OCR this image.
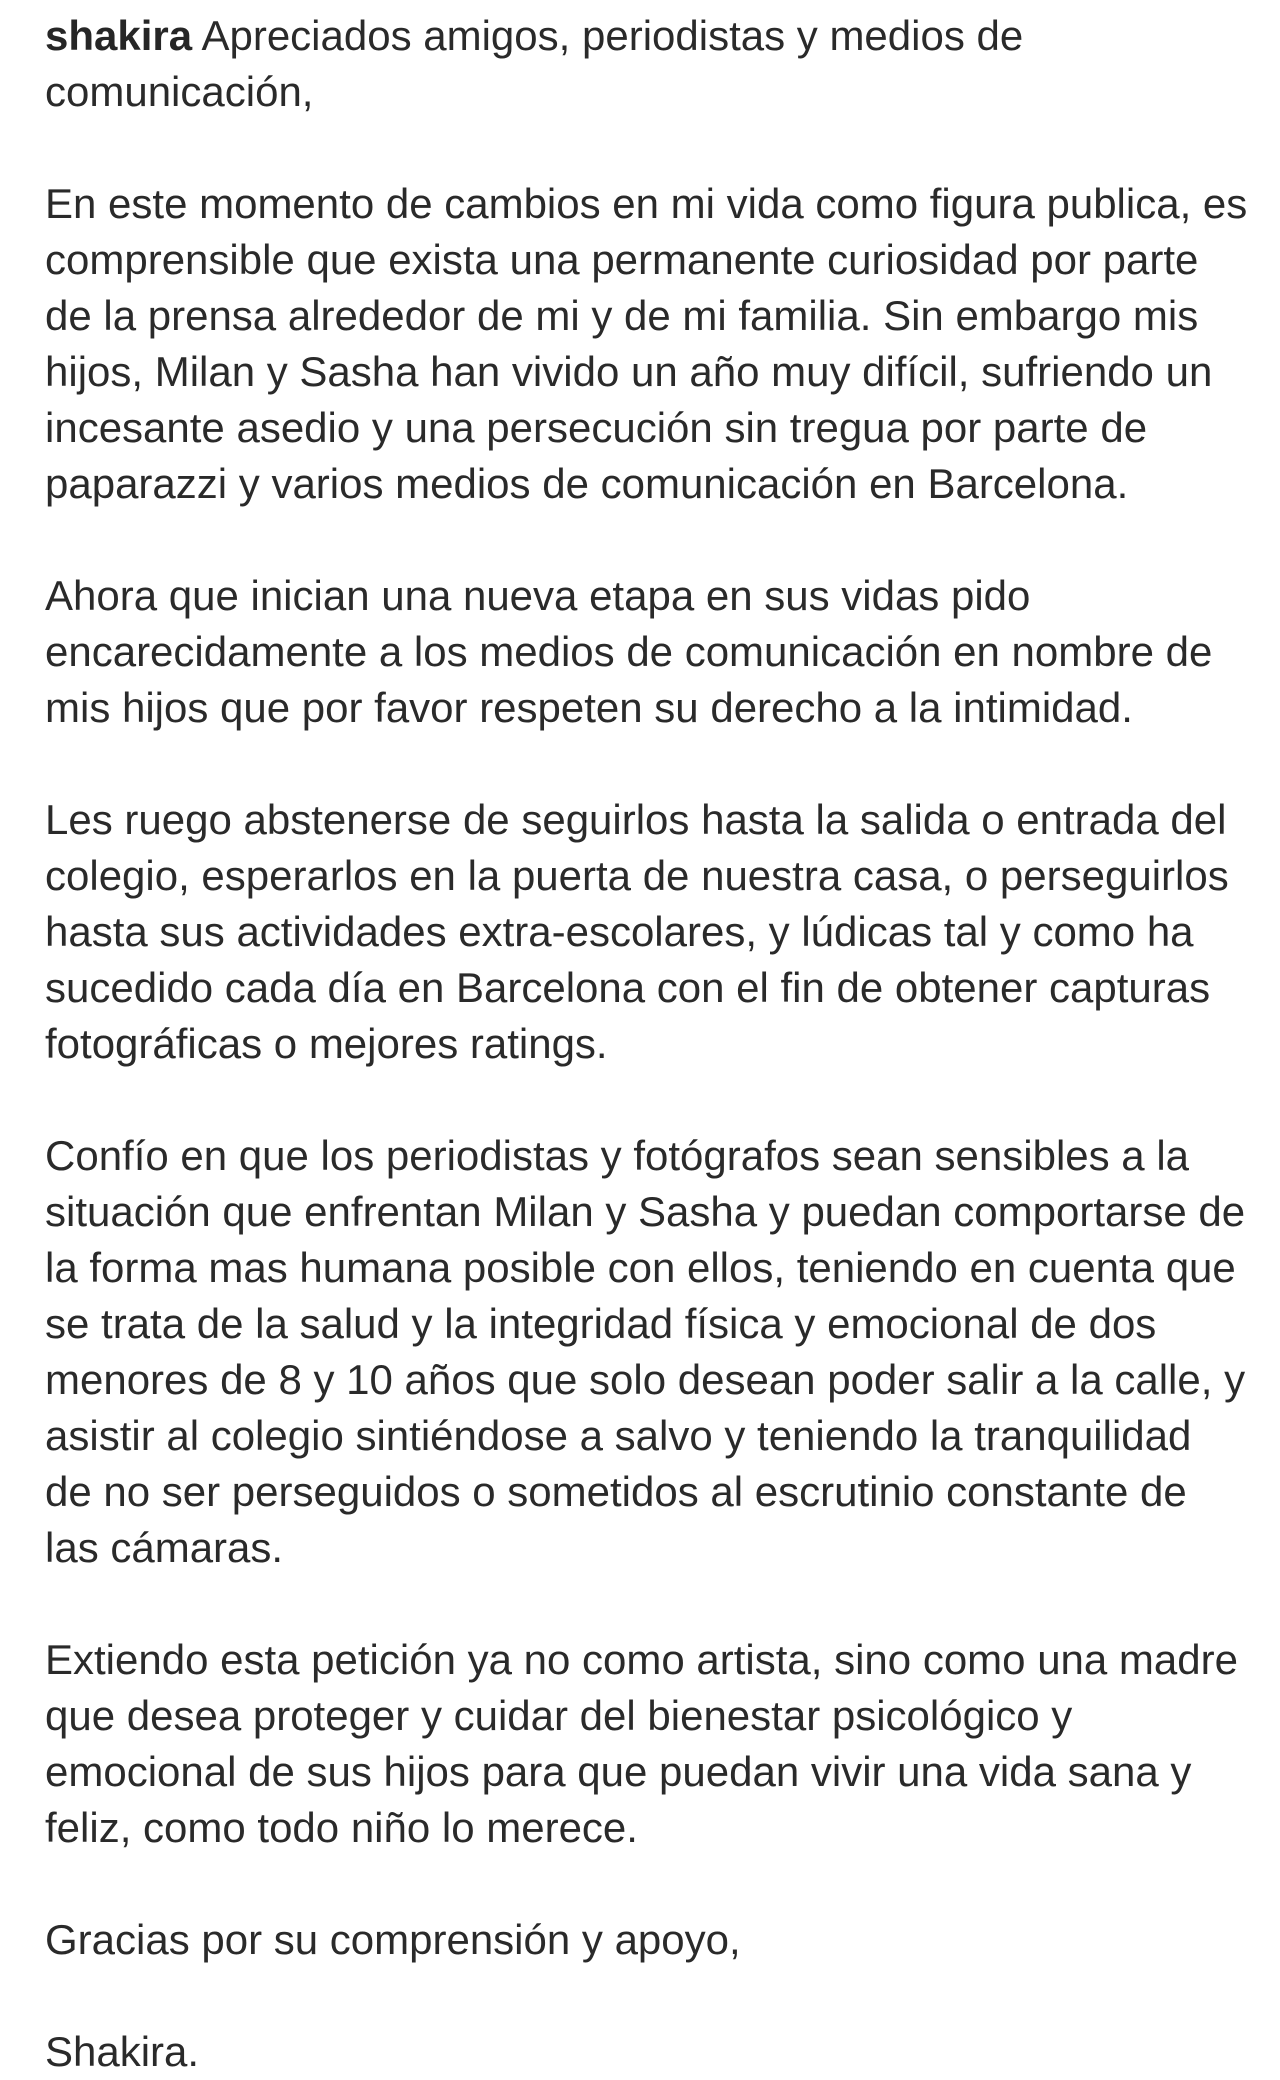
shakira Apreciados amigos, periodistas y medios de
comunicación,

En este momento de cambios en mi vida como figura publica, es
comprensible que exista una permanente curiosidad por parte
de la prensa alrededor de mi y de mi familia. Sin embargo mis
hijos, Milan y Sasha han vivido un año muy difícil, sufriendo un
incesante asedio y una persecución sin tregua por parte de
paparazzi y varios medios de comunicación en Barcelona.

Ahora que inician una nueva etapa en sus vidas pido
encarecidamente a los medios de comunicación en nombre de
mis hijos que por favor respeten su derecho a la intimidad.

Les ruego abstenerse de seguirlos hasta la salida o entrada del
colegio, esperarlos en la puerta de nuestra casa, o perseguirlos
hasta sus actividades extra-escolares, y lúdicas tal y como ha
sucedido cada día en Barcelona con el fin de obtener capturas
fotográficas o mejores ratings.

Confío en que los periodistas y fotógrafos sean sensibles a la
situación que enfrentan Milan y Sasha y puedan comportarse de
la forma mas humana posible con ellos, teniendo en cuenta que
se trata de la salud y la integridad física y emocional de dos
menores de 8 y 10 años que solo desean poder salir a la calle, y
asistir al colegio sintiéndose a salvo y teniendo la tranquilidad
de no ser perseguidos o sometidos al escrutinio constante de
las cámaras.

Extiendo esta petición ya no como artista, sino como una madre
que desea proteger y cuidar del bienestar psicológico y
emocional de sus hijos para que puedan vivir una vida sana y
feliz, como todo niño lo merece.

Gracias por su comprensión y apoyo,

Shakira.
